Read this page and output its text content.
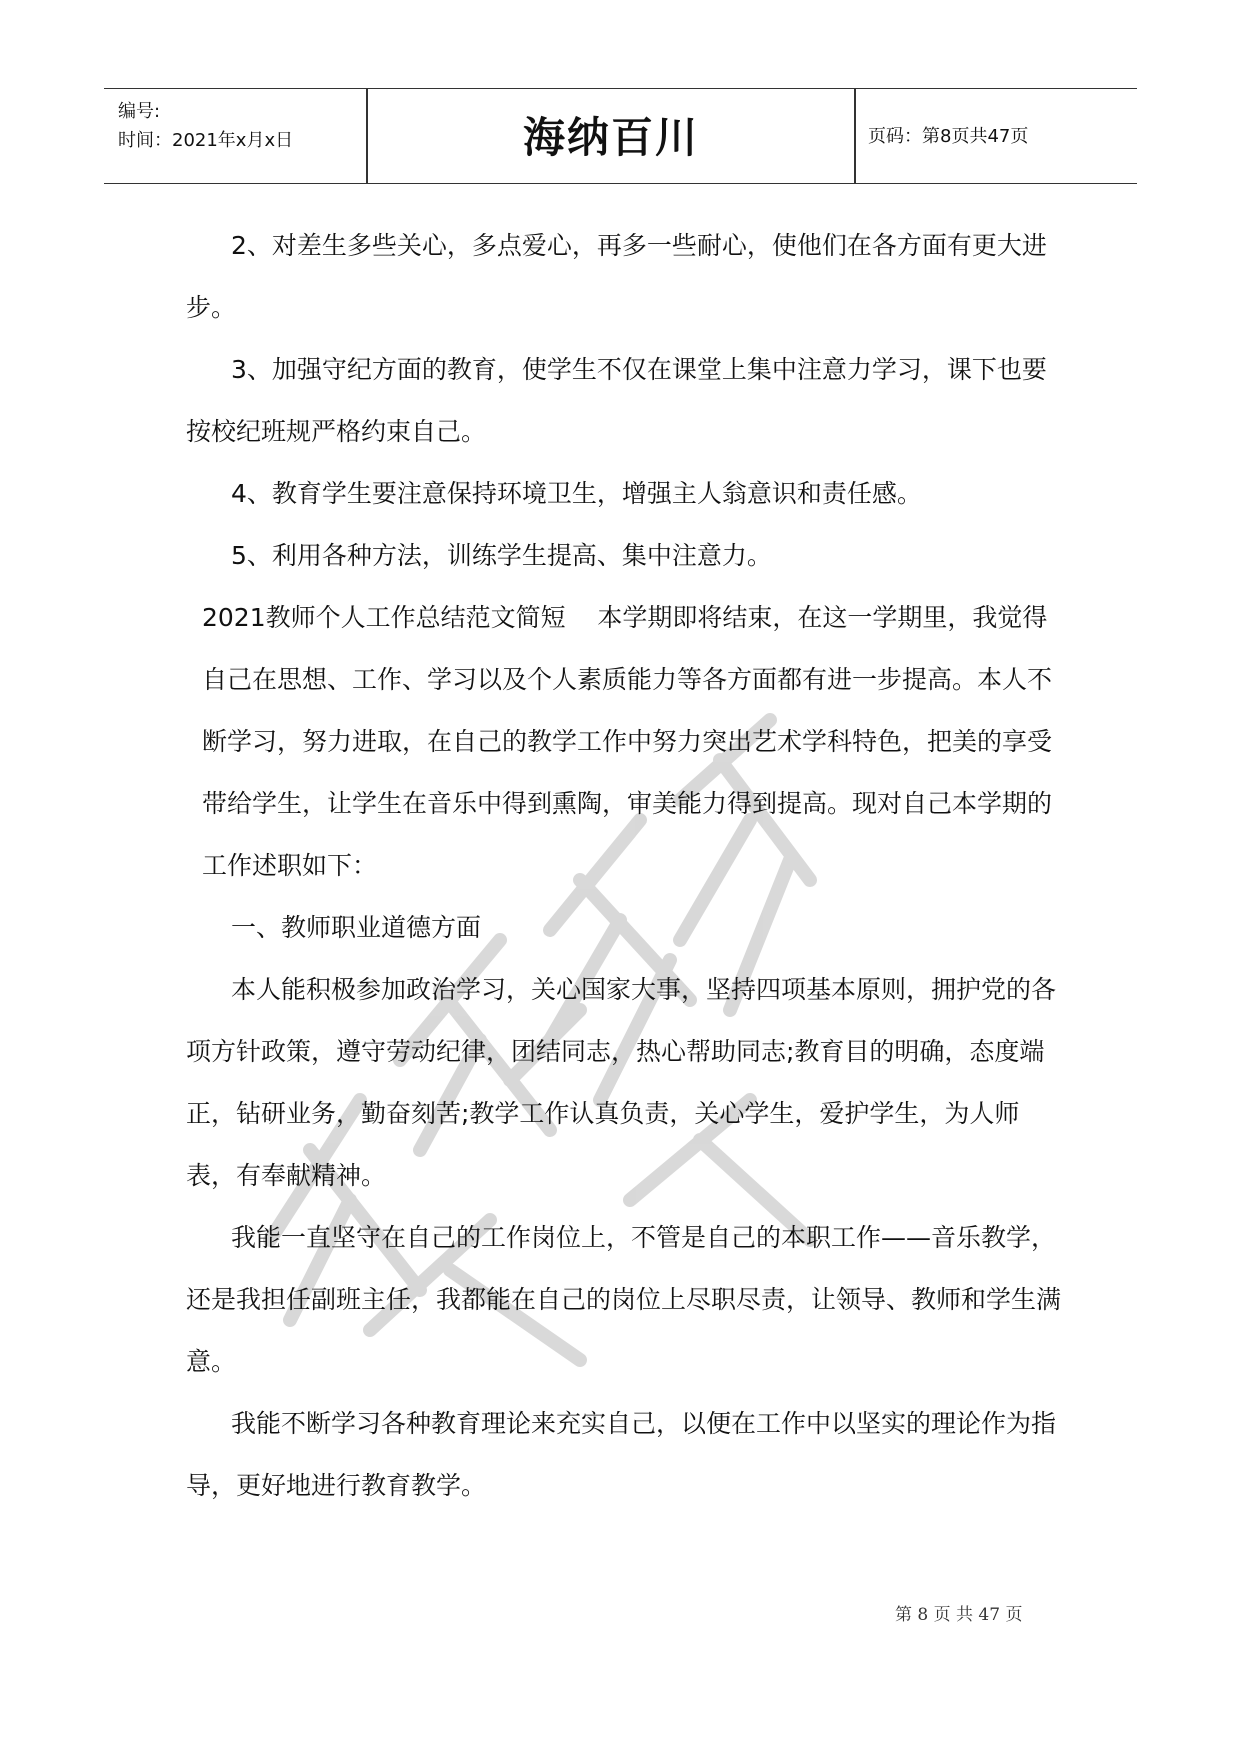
编号:
时间：2021年x月x日	海纳百川	页码：第8页共47页

2、对差生多些关心，多点爱心，再多一些耐心，使他们在各方面有更大进步。

3、加强守纪方面的教育，使学生不仅在课堂上集中注意力学习，课下也要按校纪班规严格约束自己。

4、教育学生要注意保持环境卫生，增强主人翁意识和责任感。

5、利用各种方法，训练学生提高、集中注意力。

2021教师个人工作总结范文简短    本学期即将结束，在这一学期里，我觉得自己在思想、工作、学习以及个人素质能力等各方面都有进一步提高。本人不断学习，努力进取，在自己的教学工作中努力突出艺术学科特色，把美的享受带给学生，让学生在音乐中得到熏陶，审美能力得到提高。现对自己本学期的工作述职如下：

一、教师职业道德方面

本人能积极参加政治学习，关心国家大事，坚持四项基本原则，拥护党的各项方针政策，遵守劳动纪律，团结同志，热心帮助同志;教育目的明确，态度端正，钻研业务，勤奋刻苦;教学工作认真负责，关心学生，爱护学生，为人师表，有奉献精神。

我能一直坚守在自己的工作岗位上，不管是自己的本职工作——音乐教学，还是我担任副班主任，我都能在自己的岗位上尽职尽责，让领导、教师和学生满意。

我能不断学习各种教育理论来充实自己，以便在工作中以坚实的理论作为指导，更好地进行教育教学。

第 8 页 共 47 页
